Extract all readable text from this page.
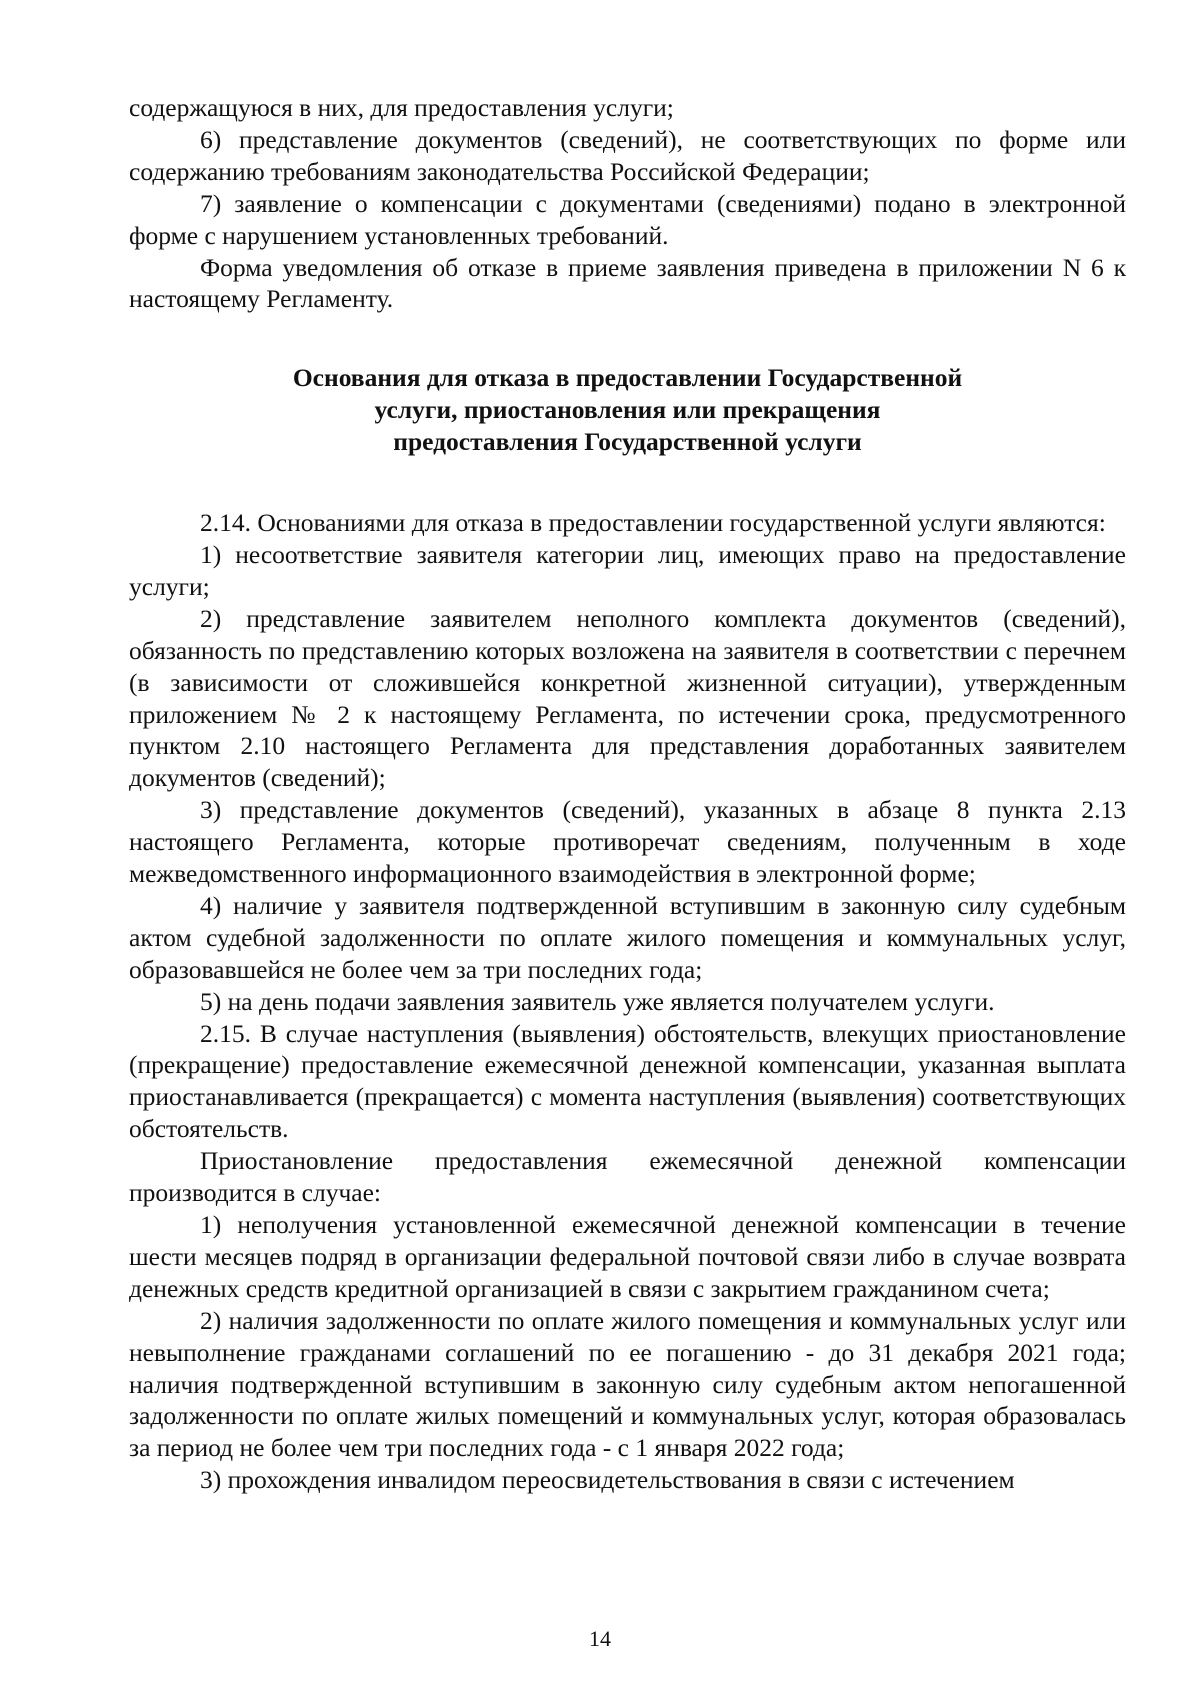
содержащуюся в них, для предоставления услуги;

6) представление документов (сведений), не соответствующих по форме или содержанию требованиям законодательства Российской Федерации;

7) заявление о компенсации с документами (сведениями) подано в электронной форме с нарушением установленных требований.

Форма уведомления об отказе в приеме заявления приведена в приложении N 6 к настоящему Регламенту.

Основания для отказа в предоставлении Государственной
услуги, приостановления или прекращения
предоставления Государственной услуги

2.14. Основаниями для отказа в предоставлении государственной услуги являются:

1) несоответствие заявителя категории лиц, имеющих право на предоставление услуги;

2) представление заявителем неполного комплекта документов (сведений), обязанность по представлению которых возложена на заявителя в соответствии с перечнем (в зависимости от сложившейся конкретной жизненной ситуации), утвержденным приложением № 2 к настоящему Регламента, по истечении срока, предусмотренного пунктом 2.10 настоящего Регламента для представления доработанных заявителем документов (сведений);

3) представление документов (сведений), указанных в абзаце 8 пункта 2.13 настоящего Регламента, которые противоречат сведениям, полученным в ходе межведомственного информационного взаимодействия в электронной форме;

4) наличие у заявителя подтвержденной вступившим в законную силу судебным актом судебной задолженности по оплате жилого помещения и коммунальных услуг, образовавшейся не более чем за три последних года;

5) на день подачи заявления заявитель уже является получателем услуги.

2.15. В случае наступления (выявления) обстоятельств, влекущих приостановление (прекращение) предоставление ежемесячной денежной компенсации, указанная выплата приостанавливается (прекращается) с момента наступления (выявления) соответствующих обстоятельств.

Приостановление предоставления ежемесячной денежной компенсации производится в случае:

1) неполучения установленной ежемесячной денежной компенсации в течение шести месяцев подряд в организации федеральной почтовой связи либо в случае возврата денежных средств кредитной организацией в связи с закрытием гражданином счета;

2) наличия задолженности по оплате жилого помещения и коммунальных услуг или невыполнение гражданами соглашений по ее погашению - до 31 декабря 2021 года; наличия подтвержденной вступившим в законную силу судебным актом непогашенной задолженности по оплате жилых помещений и коммунальных услуг, которая образовалась за период не более чем три последних года - с 1 января 2022 года;

3) прохождения инвалидом переосвидетельствования в связи с истечением

14
